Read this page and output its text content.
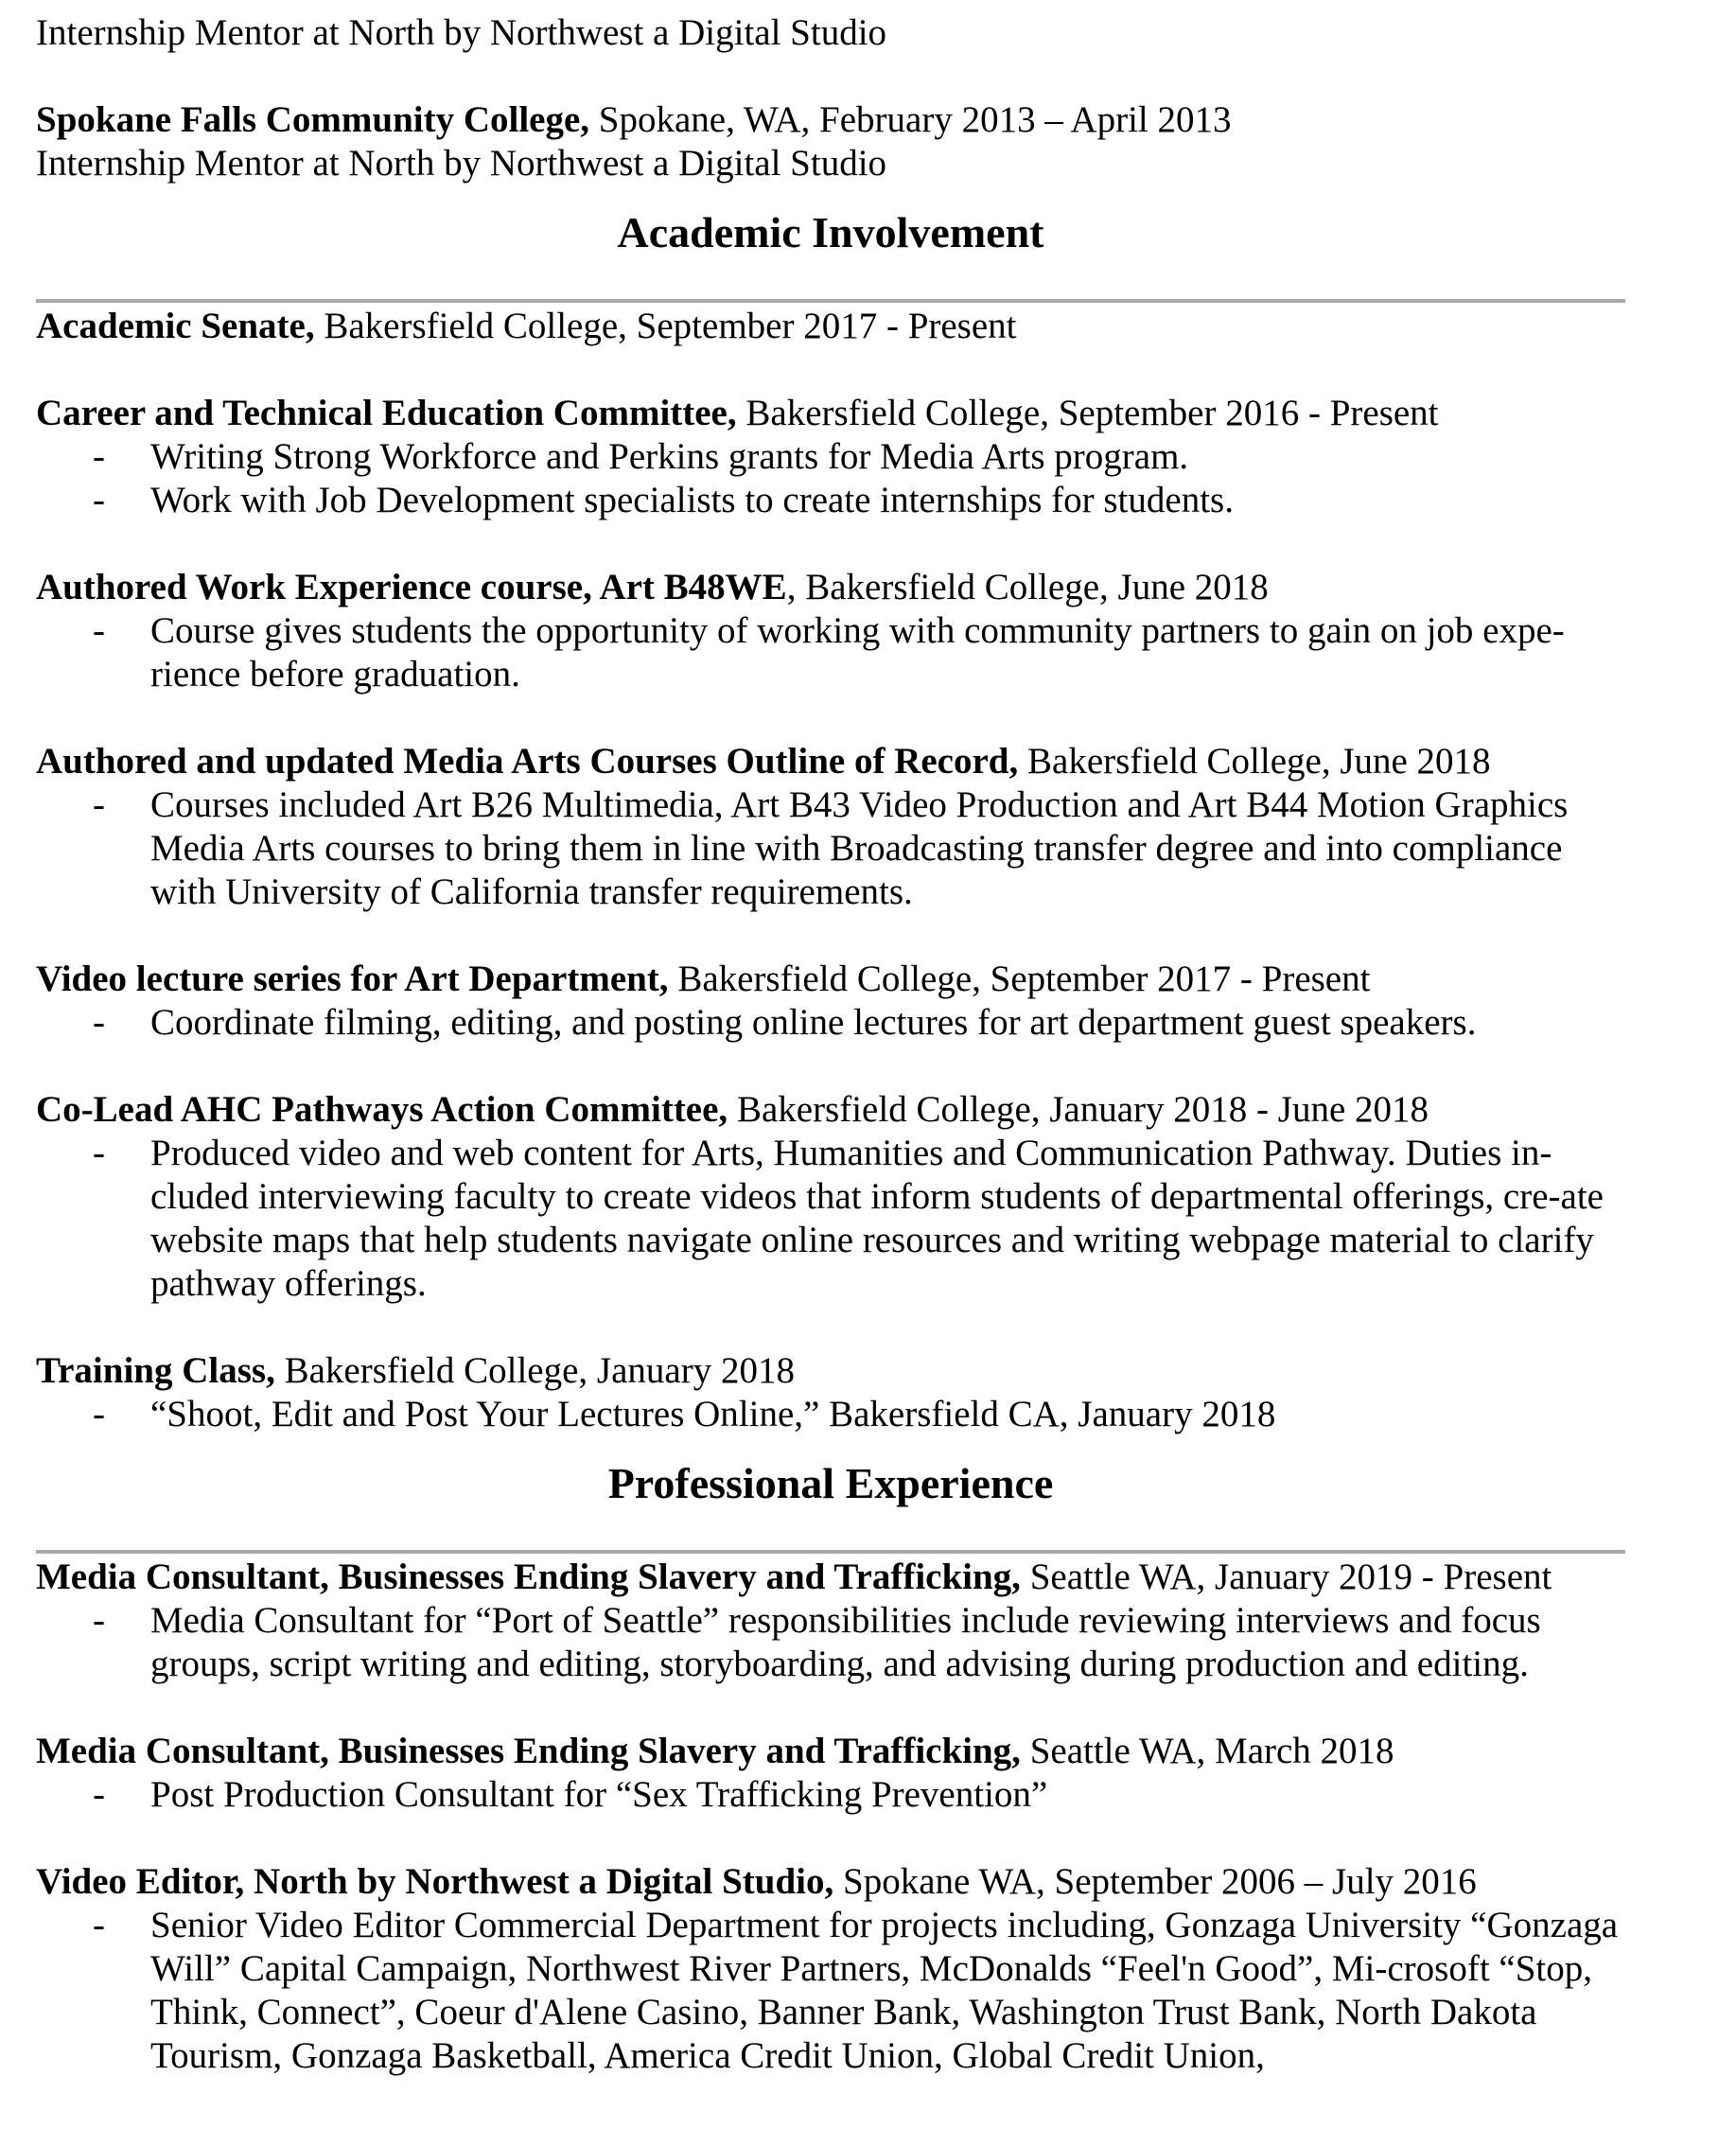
Internship Mentor at North by Northwest a Digital Studio
Spokane Falls Community College, Spokane, WA, February 2013 – April 2013
Internship Mentor at North by Northwest a Digital Studio
Academic Involvement
Academic Senate, Bakersfield College, September 2017 - Present
Career and Technical Education Committee, Bakersfield College, September 2016 - Present
- Writing Strong Workforce and Perkins grants for Media Arts program.
- Work with Job Development specialists to create internships for students.
Authored Work Experience course, Art B48WE, Bakersfield College, June 2018
- Course gives students the opportunity of working with community partners to gain on job expe-rience before graduation.
Authored and updated Media Arts Courses Outline of Record, Bakersfield College, June 2018
- Courses included Art B26 Multimedia, Art B43 Video Production and Art B44 Motion Graphics Media Arts courses to bring them in line with Broadcasting transfer degree and into compliance with University of California transfer requirements.
Video lecture series for Art Department, Bakersfield College, September 2017 - Present
- Coordinate filming, editing, and posting online lectures for art department guest speakers.
Co-Lead AHC Pathways Action Committee, Bakersfield College, January 2018 - June 2018
- Produced video and web content for Arts, Humanities and Communication Pathway. Duties in-cluded interviewing faculty to create videos that inform students of departmental offerings, cre-ate website maps that help students navigate online resources and writing webpage material to clarify pathway offerings.
Training Class, Bakersfield College, January 2018
- “Shoot, Edit and Post Your Lectures Online,” Bakersfield CA, January 2018
Professional Experience
Media Consultant, Businesses Ending Slavery and Trafficking, Seattle WA, January 2019 - Present
- Media Consultant for “Port of Seattle” responsibilities include reviewing interviews and focus groups, script writing and editing, storyboarding, and advising during production and editing.
Media Consultant, Businesses Ending Slavery and Trafficking, Seattle WA, March 2018
- Post Production Consultant for “Sex Trafficking Prevention”
Video Editor, North by Northwest a Digital Studio, Spokane WA, September 2006 – July 2016
- Senior Video Editor Commercial Department for projects including, Gonzaga University “Gonzaga Will” Capital Campaign, Northwest River Partners, McDonalds “Feel'n Good”, Mi-crosoft “Stop, Think, Connect”, Coeur d'Alene Casino, Banner Bank, Washington Trust Bank, North Dakota Tourism, Gonzaga Basketball, America Credit Union, Global Credit Union,
